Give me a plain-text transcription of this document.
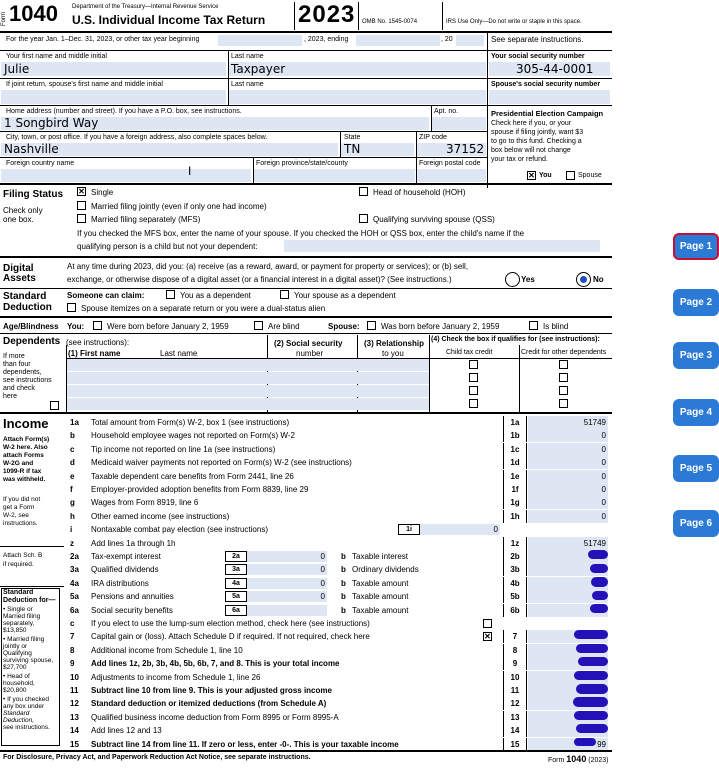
Form 1040 Department of the Treasury—Internal Revenue Service
U.S. Individual Income Tax Return 2023 OMB No. 1545-0074	IRS Use Only—Do not write or staple in this space.
For the year Jan. 1–Dec. 31, 2023, or other tax year beginning	, 2023, ending	, 20	See separate instructions.
Your first name and middle initial
Julie
Last name
Taxpayer
Your social security number
305-44-0001
If joint return, spouse's first name and middle initial	Last name	Spouse's social security number
Home address (number and street). If you have a P.O. box, see instructions.
1 Songbird Way
Apt. no.
City, town, or post office. If you have a foreign address, also complete spaces below.
Nashville
State
TN
ZIP code
37152
Foreign country name
I
Foreign province/state/county	Foreign postal code
Presidential Election Campaign
Check here if you, or your
spouse if filing jointly, want $3
to go to this fund. Checking a
box below will not change
your tax or refund.
✕ You	Spouse
Filing Status
Check only
one box.
✕ Single
Married filing jointly (even if only one had income)
Married filing separately (MFS)
Head of household (HOH)
Qualifying surviving spouse (QSS)
If you checked the MFS box, enter the name of your spouse. If you checked the HOH or QSS box, enter the child's name if the
qualifying person is a child but not your dependent:
Digital
Assets
At any time during 2023, did you: (a) receive (as a reward, award, or payment for property or services); or (b) sell,
exchange, or otherwise dispose of a digital asset (or a financial interest in a digital asset)? (See instructions.)	Yes	No
Standard
Deduction
Someone can claim:	You as a dependent	Your spouse as a dependent
Spouse itemizes on a separate return or you were a dual-status alien
Age/Blindness You:	Were born before January 2, 1959	Are blind	Spouse:	Was born before January 2, 1959	Is blind
Dependents (see instructions):
(1) First name	Last name
(2) Social security
number
(3) Relationship
to you
(4) Check the box if qualifies for (see instructions):
Child tax credit	Credit for other dependents
If more
than four
dependents,
see instructions
and check
here
Income
Attach Form(s)
W-2 here. Also
attach Forms
W-2G and
1099-R if tax
was withheld.
If you did not
get a Form
W-2, see
instructions.
1a Total amount from Form(s) W-2, box 1 (see instructions)	1a	51749
b Household employee wages not reported on Form(s) W-2	1b	0
c Tip income not reported on line 1a (see instructions)	1c	0
d Medicaid waiver payments not reported on Form(s) W-2 (see instructions)	1d	0
e Taxable dependent care benefits from Form 2441, line 26	1e	0
f Employer-provided adoption benefits from Form 8839, line 29	1f	0
g Wages from Form 8919, line 6	1g	0
h Other earned income (see instructions)	1h	0
i Nontaxable combat pay election (see instructions)	1i	0
z Add lines 1a through 1h	1z	51749
2a Tax-exempt interest	2a	0 b Taxable interest	2b
3a Qualified dividends	3a	0 b Ordinary dividends	3b
4a IRA distributions	4a	0 b Taxable amount	4b
5a Pensions and annuities	5a	0 b Taxable amount	5b
6a Social security benefits	6a	b Taxable amount	6b
c If you elect to use the lump-sum election method, check here (see instructions)
7 Capital gain or (loss). Attach Schedule D if required. If not required, check here	7
✕
8 Additional income from Schedule 1, line 10	8
9 Add lines 1z, 2b, 3b, 4b, 5b, 6b, 7, and 8. This is your total income	9
10 Adjustments to income from Schedule 1, line 26	10
11 Subtract line 10 from line 9. This is your adjusted gross income	11
12 Standard deduction or itemized deductions (from Schedule A)	12
13 Qualified business income deduction from Form 8995 or Form 8995-A	13
14 Add lines 12 and 13	14
15 Subtract line 14 from line 11. If zero or less, enter -0-. This is your taxable income	15	99
Attach Sch. B
if required.
Standard
Deduction for—
• Single or
Married filing
separately,
$13,850
• Married filing
jointly or
Qualifying
surviving spouse,
$27,700
• Head of
household,
$20,800
• If you checked
any box under
Standard
Deduction,
see instructions.
For Disclosure, Privacy Act, and Paperwork Reduction Act Notice, see separate instructions.	Form 1040 (2023)
Page 1
Page 2
Page 3
Page 4
Page 5
Page 6
